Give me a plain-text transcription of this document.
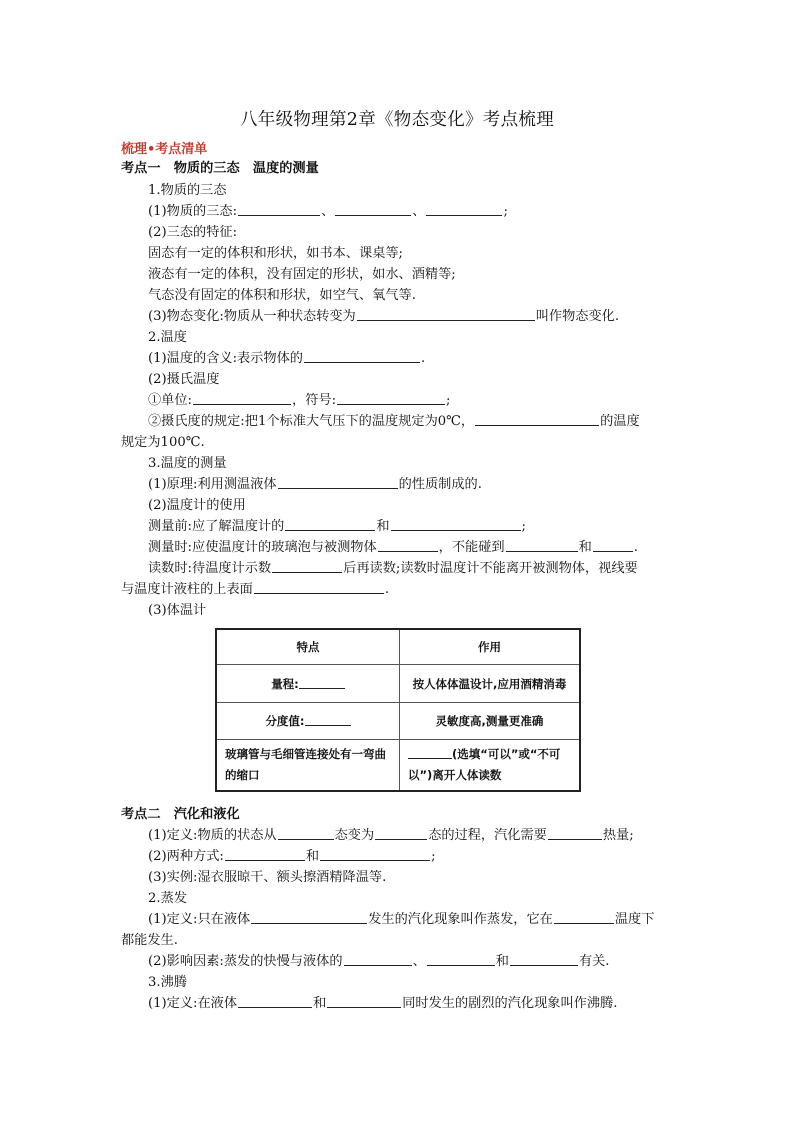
八年级物理第2章《物态变化》考点梳理
梳理•考点清单
考点一　物质的三态　温度的测量
1.物质的三态
(1)物质的三态:	、	、	;
(2)三态的特征:
固态有一定的体积和形状，如书本、课桌等;
液态有一定的体积，没有固定的形状，如水、酒精等;
气态没有固定的体积和形状，如空气、氧气等.
(3)物态变化:物质从一种状态转变为	叫作物态变化.
2.温度
(1)温度的含义:表示物体的	.
(2)摄氏温度
①单位:	，符号:	;
②摄氏度的规定:把1个标准大气压下的温度规定为0℃，	的温度
规定为100℃.
3.温度的测量
(1)原理:利用测温液体	的性质制成的.
(2)温度计的使用
测量前:应了解温度计的	和	;
测量时:应使温度计的玻璃泡与被测物体	，不能碰到	和	.
读数时:待温度计示数	后再读数;读数时温度计不能离开被测物体，视线要
与温度计液柱的上表面	.
(3)体温计
特点	作用
量程:	按人体体温设计,应用酒精消毒
分度值:	灵敏度高,测量更准确
玻璃管与毛细管连接处有一弯曲的缩口	(选填“可以”或“不可以”)离开人体读数
考点二　汽化和液化
(1)定义:物质的状态从	态变为	态的过程，汽化需要	热量;
(2)两种方式:	和	;
(3)实例:湿衣服晾干、额头擦酒精降温等.
2.蒸发
(1)定义:只在液体	发生的汽化现象叫作蒸发，它在	温度下
都能发生.
(2)影响因素:蒸发的快慢与液体的	、	和	有关.
3.沸腾
(1)定义:在液体	和	同时发生的剧烈的汽化现象叫作沸腾.
